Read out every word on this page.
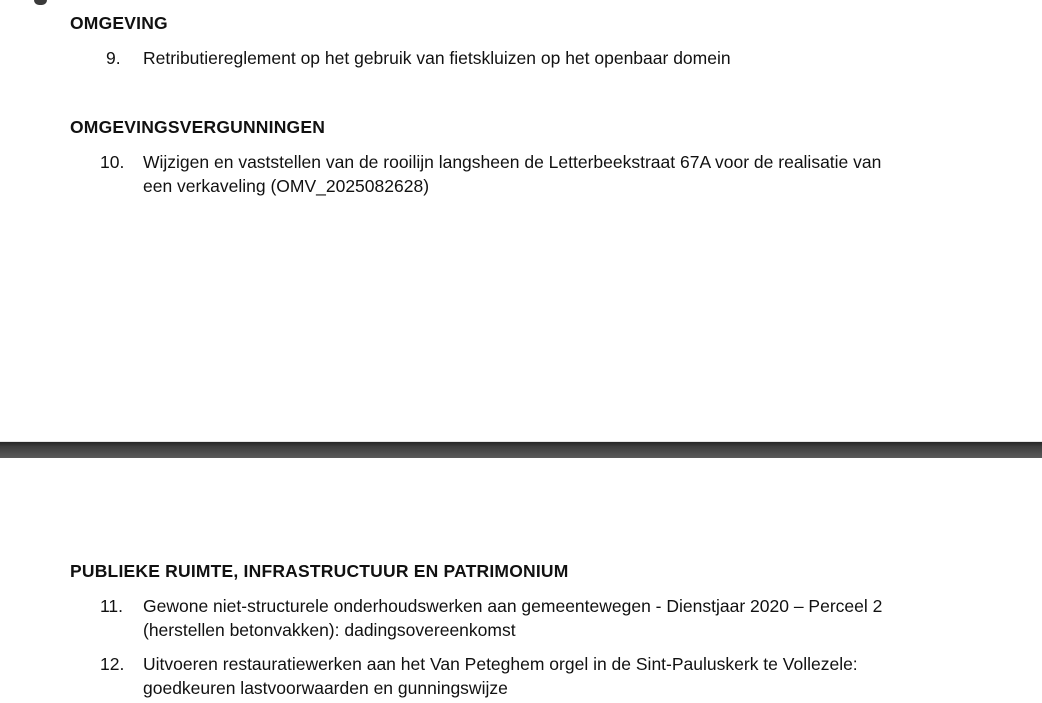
OMGEVING
9.	Retributiereglement op het gebruik van fietskluizen op het openbaar domein
OMGEVINGSVERGUNNINGEN
10.	Wijzigen en vaststellen van de rooilijn langsheen de Letterbeekstraat 67A voor de realisatie van
een verkaveling (OMV_2025082628)
PUBLIEKE RUIMTE, INFRASTRUCTUUR EN PATRIMONIUM
11.	Gewone niet-structurele onderhoudswerken aan gemeentewegen - Dienstjaar 2020 – Perceel 2
(herstellen betonvakken): dadingsovereenkomst
12.	Uitvoeren restauratiewerken aan het Van Peteghem orgel in de Sint-Pauluskerk te Vollezele:
goedkeuren lastvoorwaarden en gunningswijze
